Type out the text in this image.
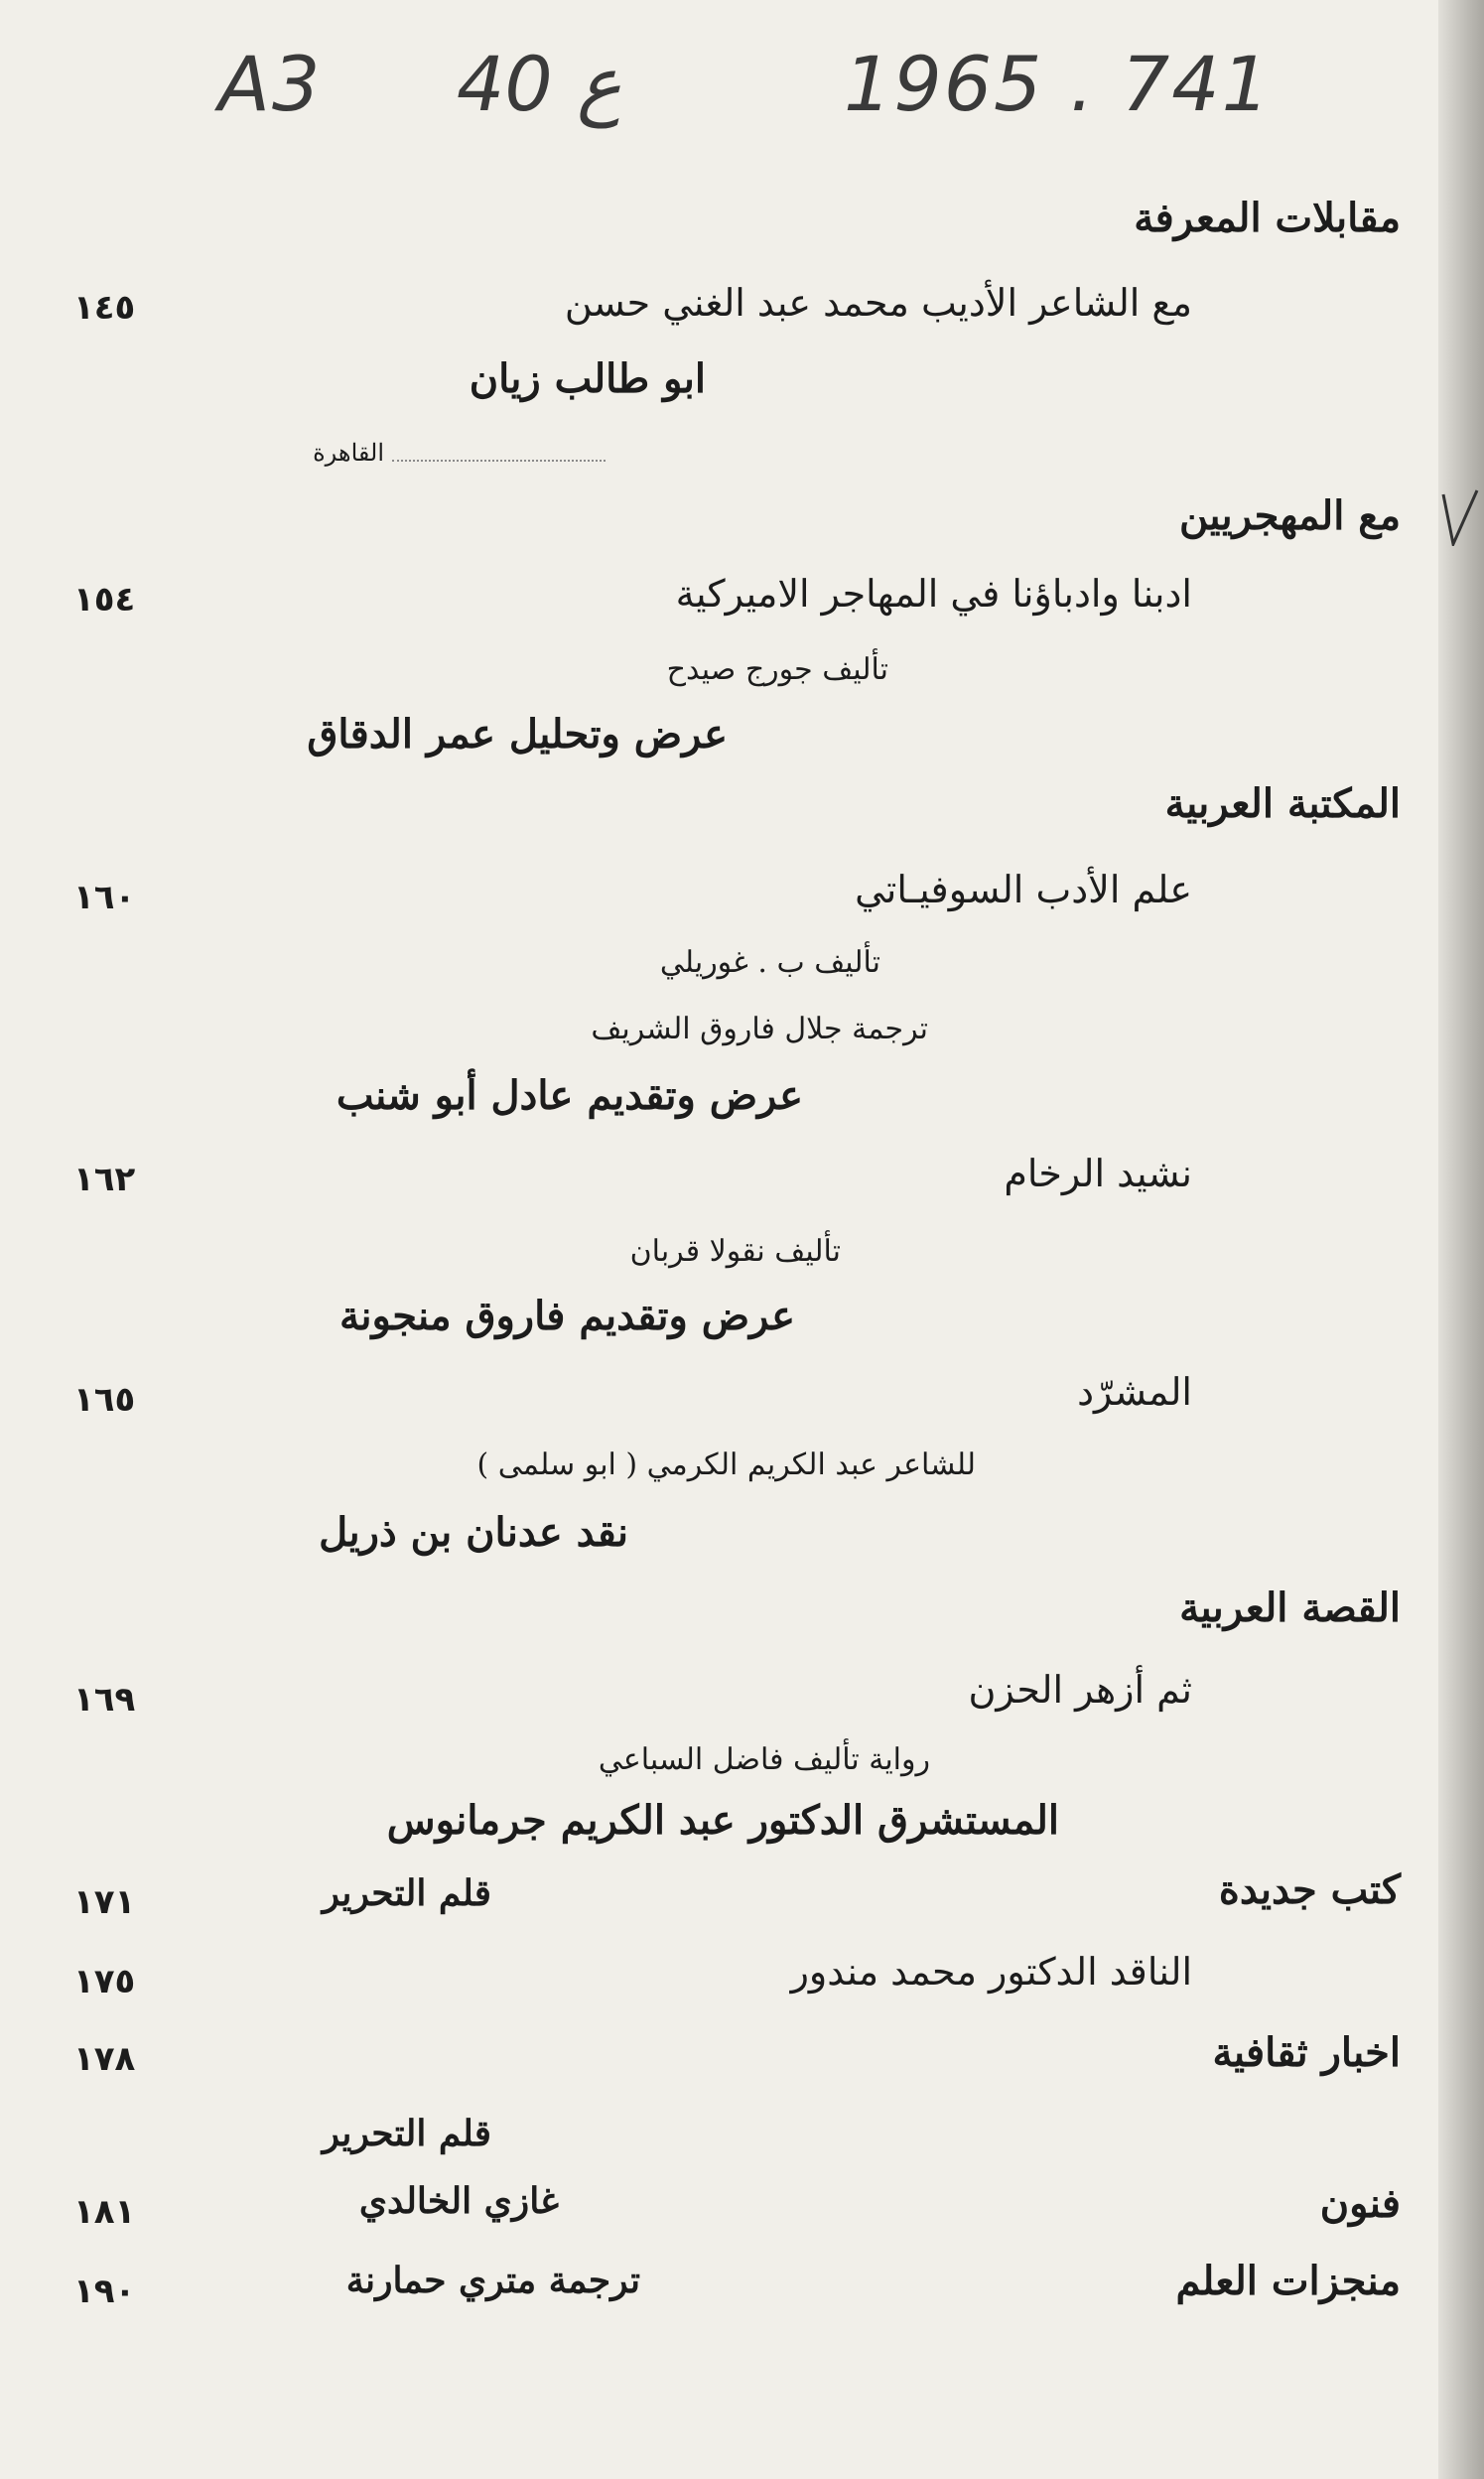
A3 40 ع	1965 . 741
مقابلات المعرفة
مع الشاعر الأديب محمد عبد الغني حسن
١٤٥
ابو طالب زيان
القاهرة
مع المهجريين
ادبنا وادباؤنا في المهاجر الاميركية
١٥٤
تأليف جورج صيدح
عرض وتحليل عمر الدقاق
المكتبة العربية
علم الأدب السوفيـاتي
١٦٠
تأليف ب . غوريلي
ترجمة جلال فاروق الشريف
عرض وتقديم عادل أبو شنب
نشيد الرخام
١٦٢
تأليف نقولا قربان
عرض وتقديم فاروق منجونة
المشرّد
١٦٥
للشاعر عبد الكريم الكرمي ( ابو سلمى )
نقد عدنان بن ذريل
القصة العربية
ثم أزهر الحزن
١٦٩
رواية تأليف فاضل السباعي
المستشرق الدكتور عبد الكريم جرمانوس
كتب جديدة
قلم التحرير
١٧١
الناقد الدكتور محمد مندور
١٧٥
اخبار ثقافية
١٧٨
قلم التحرير
فنون
غازي الخالدي
١٨١
منجزات العلم
ترجمة متري حمارنة
١٩٠
